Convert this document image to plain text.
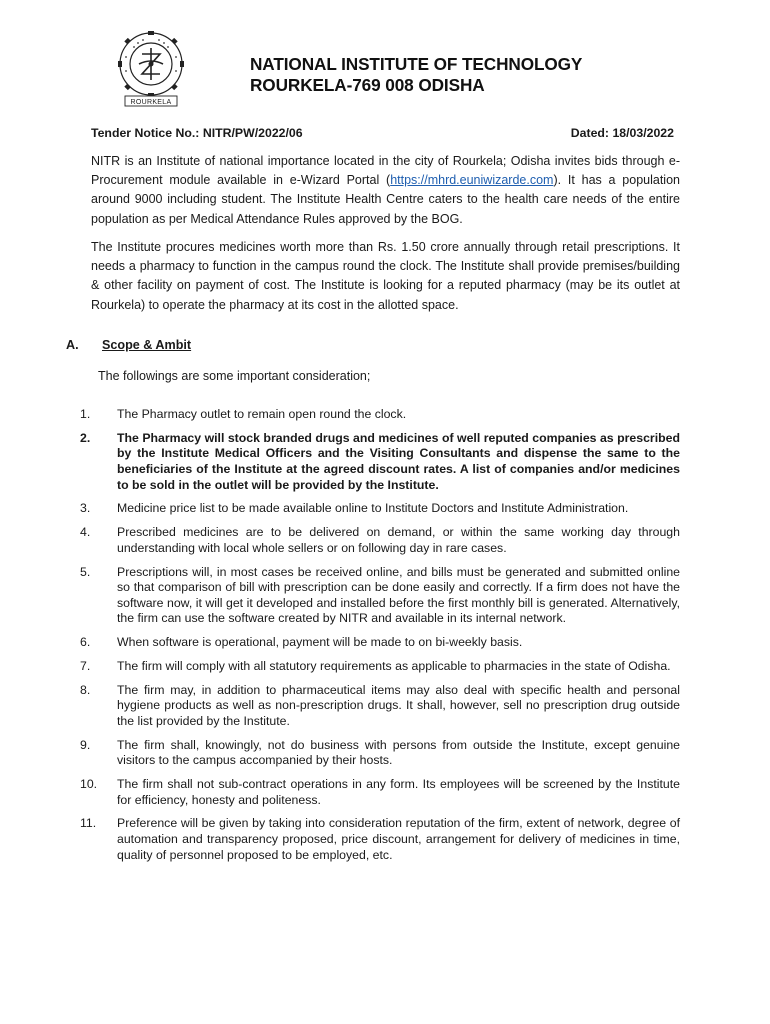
ROURKELA
NATIONAL INSTITUTE OF TECHNOLOGY
ROURKELA-769 008 ODISHA
Tender Notice No.: NITR/PW/2022/06	Dated: 18/03/2022
NITR is an Institute of national importance located in the city of Rourkela; Odisha invites bids through e-Procurement module available in e-Wizard Portal (https://mhrd.euniwizarde.com). It has a population around 9000 including student. The Institute Health Centre caters to the health care needs of the entire population as per Medical Attendance Rules approved by the BOG.
The Institute procures medicines worth more than Rs. 1.50 crore annually through retail prescriptions. It needs a pharmacy to function in the campus round the clock. The Institute shall provide premises/building & other facility on payment of cost. The Institute is looking for a reputed pharmacy (may be its outlet at Rourkela) to operate the pharmacy at its cost in the allotted space.
A. Scope & Ambit
The followings are some important consideration;
1.	The Pharmacy outlet to remain open round the clock.
2.	The Pharmacy will stock branded drugs and medicines of well reputed companies as prescribed by the Institute Medical Officers and the Visiting Consultants and dispense the same to the beneficiaries of the Institute at the agreed discount rates. A list of companies and/or medicines to be sold in the outlet will be provided by the Institute.
3.	Medicine price list to be made available online to Institute Doctors and Institute Administration.
4.	Prescribed medicines are to be delivered on demand, or within the same working day through understanding with local whole sellers or on following day in rare cases.
5.	Prescriptions will, in most cases be received online, and bills must be generated and submitted online so that comparison of bill with prescription can be done easily and correctly. If a firm does not have the software now, it will get it developed and installed before the first monthly bill is generated. Alternatively, the firm can use the software created by NITR and available in its internal network.
6.	When software is operational, payment will be made to on bi-weekly basis.
7.	The firm will comply with all statutory requirements as applicable to pharmacies in the state of Odisha.
8.	The firm may, in addition to pharmaceutical items may also deal with specific health and personal hygiene products as well as non-prescription drugs. It shall, however, sell no prescription drug outside the list provided by the Institute.
9.	The firm shall, knowingly, not do business with persons from outside the Institute, except genuine visitors to the campus accompanied by their hosts.
10.	The firm shall not sub-contract operations in any form. Its employees will be screened by the Institute for efficiency, honesty and politeness.
11.	Preference will be given by taking into consideration reputation of the firm, extent of network, degree of automation and transparency proposed, price discount, arrangement for delivery of medicines in time, quality of personnel proposed to be employed, etc.
